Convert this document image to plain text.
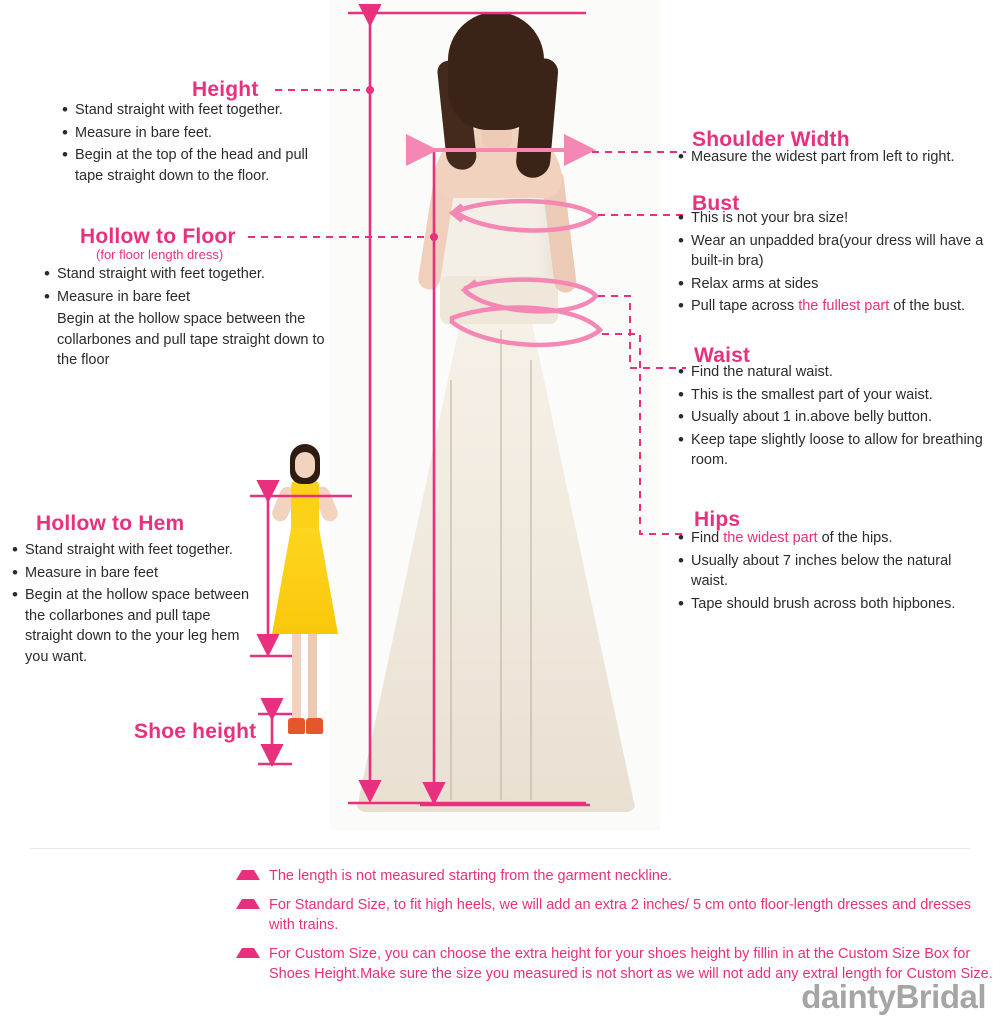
Height
• Stand straight with feet together.
• Measure in bare feet.
• Begin at the top of the head and pull tape straight down to the floor.
Hollow to Floor
(for floor length dress)
• Stand straight with feet together.
• Measure in bare feet
Begin at the hollow space between the collarbones and pull tape straight down to the floor
Hollow to Hem
• Stand straight with feet together.
• Measure in bare feet
• Begin at the hollow space between the collarbones and pull tape straight down to the your leg hem you want.
Shoe height
Shoulder Width
• Measure the widest part from left to right.
Bust
• This is not your bra size!
• Wear an unpadded bra(your dress will have a built-in bra)
• Relax arms at sides
• Pull tape across the fullest part of the bust.
Waist
• Find the natural waist.
• This is the smallest part of your waist.
• Usually about 1 in.above belly button.
• Keep tape slightly loose to allow for breathing room.
Hips
• Find the widest part of the hips.
• Usually about 7 inches below the natural waist.
• Tape should brush across both hipbones.
The length is not measured starting from the garment neckline.
For Standard Size, to fit high heels, we will add an extra 2 inches/ 5 cm onto floor-length dresses and dresses with trains.
For Custom Size, you can choose the extra height for your shoes height by fillin in at the Custom Size Box for Shoes Height.Make sure the size you measured is not short as we will not add any extral length for Custom Size.
daintyBridal
